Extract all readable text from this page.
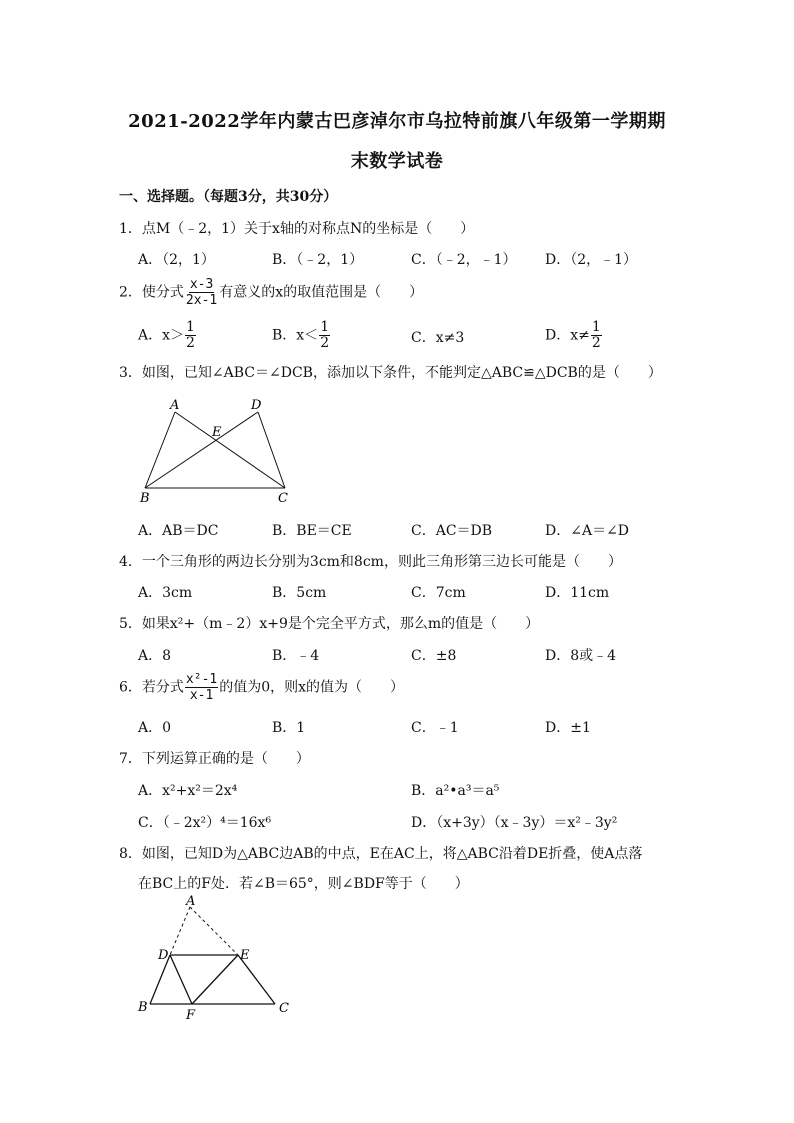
2021-2022学年内蒙古巴彦淖尔市乌拉特前旗八年级第一学期期
末数学试卷
一、选择题。（每题3分，共30分）
1．点M（﹣2，1）关于x轴的对称点N的坐标是（　　）
A．（2，1）	B．（﹣2，1）	C．（﹣2，﹣1） D．（2，﹣1）
2．使分式 $\frac{x-3}{2x-1}$ 有意义的x的取值范围是（　　）
A．$x> \frac{1}{2}$	B．$x< \frac{1}{2}$	C．x≠3	D．$x\ne \frac{1}{2}$
3．如图，已知∠ABC＝∠DCB，添加以下条件，不能判定△ABC≌△DCB的是（　　）
A	D
E
B	C
A．AB＝DC	B．BE＝CE	C．AC＝DB	D．∠A＝∠D
4．一个三角形的两边长分别为3cm和8cm，则此三角形第三边长可能是（　　）
A．3cm	B．5cm	C．7cm	D．11cm
5．如果x²+（m﹣2）x+9是个完全平方式，那么m的值是（　　）
A．8	B．﹣4	C．±8	D．8或﹣4
6．若分式 $\frac{\text{x²-1}}{x-1}$ 的值为0，则x的值为（　　）
A．0	B．1	C．﹣1	D．±1
7．下列运算正确的是（　　）
A．x²+x²＝2x⁴	B．a²•a³＝a⁵
C．（﹣2x²）⁴＝16x⁶	D．（x+3y）（x﹣3y）＝x²﹣3y²
8．如图，已知D为△ABC边AB的中点，E在AC上，将△ABC沿着DE折叠，使A点落
在BC上的F处．若∠B＝65°，则∠BDF等于（　　）
A
D	E
B
F	C
